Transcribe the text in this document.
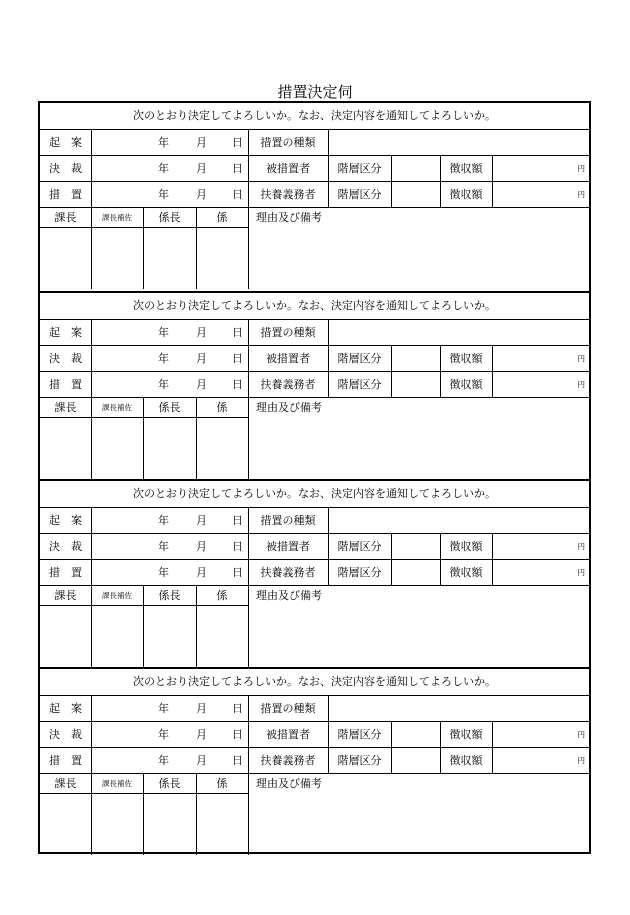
措置決定伺
次のとおり決定してよろしいか。なお、決定内容を通知してよろしいか。
起　案	年 月 日	措置の種類
決　裁	年 月 日	被措置者	階層区分	徴収額	円
措　置	年 月 日	扶養義務者	階層区分	徴収額	円
課長	課長補佐	係長	係	理由及び備考
次のとおり決定してよろしいか。なお、決定内容を通知してよろしいか。
起　案	年 月 日	措置の種類
決　裁	年 月 日	被措置者	階層区分	徴収額	円
措　置	年 月 日	扶養義務者	階層区分	徴収額	円
課長	課長補佐	係長	係	理由及び備考
次のとおり決定してよろしいか。なお、決定内容を通知してよろしいか。
起　案	年 月 日	措置の種類
決　裁	年 月 日	被措置者	階層区分	徴収額	円
措　置	年 月 日	扶養義務者	階層区分	徴収額	円
課長	課長補佐	係長	係	理由及び備考
次のとおり決定してよろしいか。なお、決定内容を通知してよろしいか。
起　案	年 月 日	措置の種類
決　裁	年 月 日	被措置者	階層区分	徴収額	円
措　置	年 月 日	扶養義務者	階層区分	徴収額	円
課長	課長補佐	係長	係	理由及び備考
